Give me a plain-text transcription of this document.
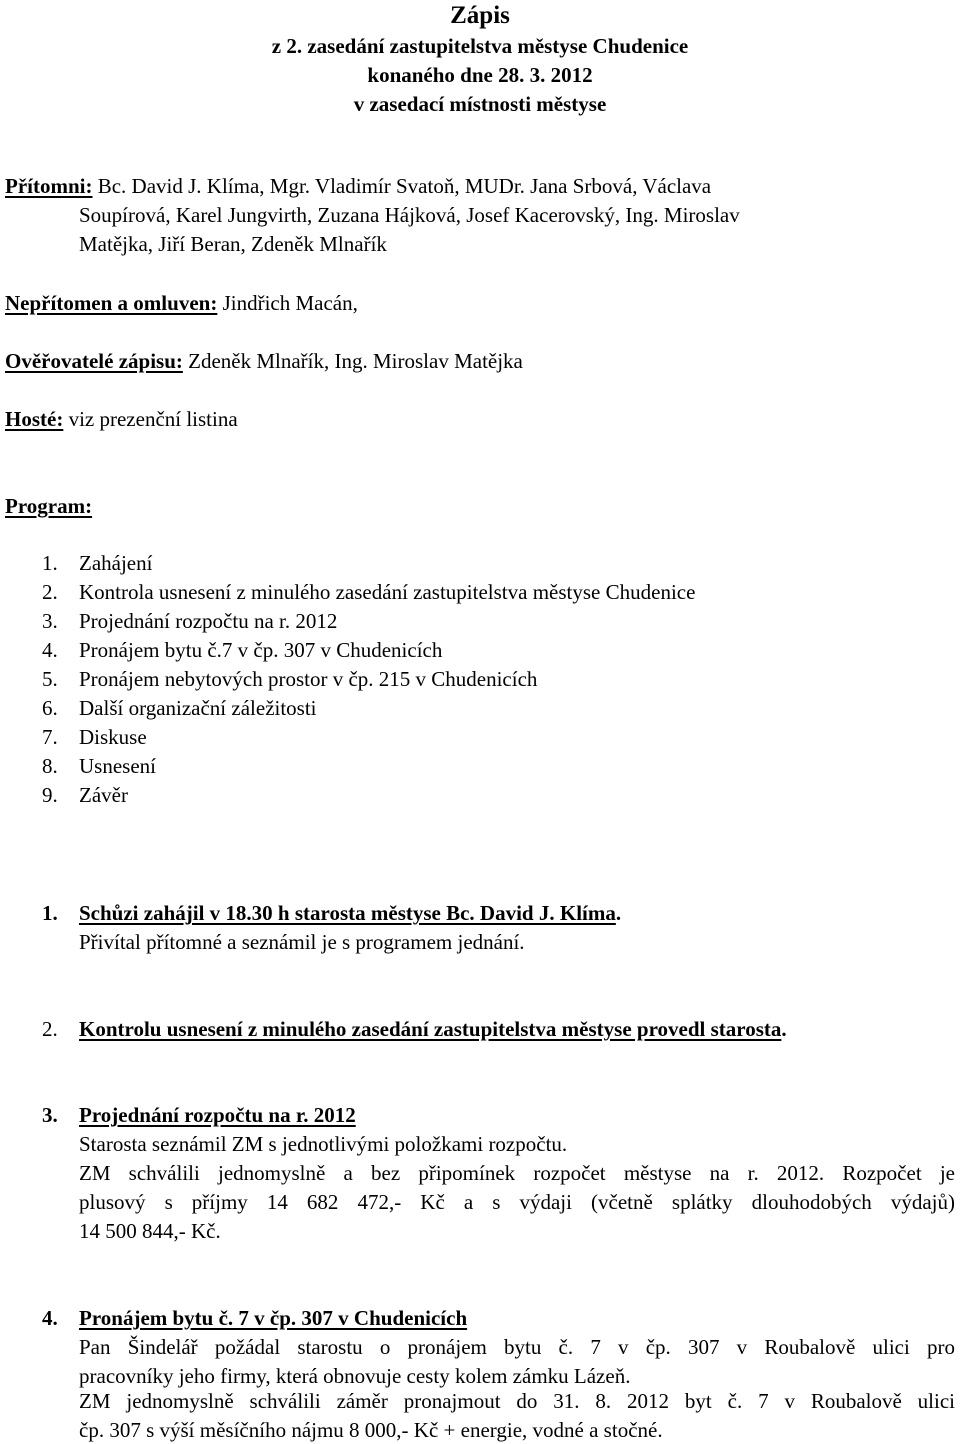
Zápis
z 2. zasedání zastupitelstva městyse Chudenice
konaného dne 28. 3. 2012
v zasedací místnosti městyse
Přítomni: Bc. David J. Klíma, Mgr. Vladimír Svatoň, MUDr. Jana Srbová, Václava
Soupírová, Karel Jungvirth, Zuzana Hájková, Josef Kacerovský, Ing. Miroslav
Matějka, Jiří Beran, Zdeněk Mlnařík
Nepřítomen a omluven: Jindřich Macán,
Ověřovatelé zápisu: Zdeněk Mlnařík, Ing. Miroslav Matějka
Hosté: viz prezenční listina
Program:
1. Zahájení
2. Kontrola usnesení z minulého zasedání zastupitelstva městyse Chudenice
3. Projednání rozpočtu na r. 2012
4. Pronájem bytu č.7 v čp. 307 v Chudenicích
5. Pronájem nebytových prostor v čp. 215 v Chudenicích
6. Další organizační záležitosti
7. Diskuse
8. Usnesení
9. Závěr
1. Schůzi zahájil v 18.30 h starosta městyse Bc. David J. Klíma.
Přivítal přítomné a seznámil je s programem jednání.
2. Kontrolu usnesení z minulého zasedání zastupitelstva městyse provedl starosta.
3. Projednání rozpočtu na r. 2012
Starosta seznámil ZM s jednotlivými položkami rozpočtu.
ZM schválili jednomyslně a bez připomínek rozpočet městyse na r. 2012. Rozpočet je
plusový s příjmy 14 682 472,- Kč a s výdaji (včetně splátky dlouhodobých výdajů)
14 500 844,- Kč.
4. Pronájem bytu č. 7 v čp. 307 v Chudenicích
Pan Šindelář požádal starostu o pronájem bytu č. 7 v čp. 307 v Roubalově ulici pro
pracovníky jeho firmy, která obnovuje cesty kolem zámku Lázeň.
ZM jednomyslně schválili záměr pronajmout do 31. 8. 2012 byt č. 7 v Roubalově ulici
čp. 307 s výší měsíčního nájmu 8 000,- Kč + energie, vodné a stočné.
